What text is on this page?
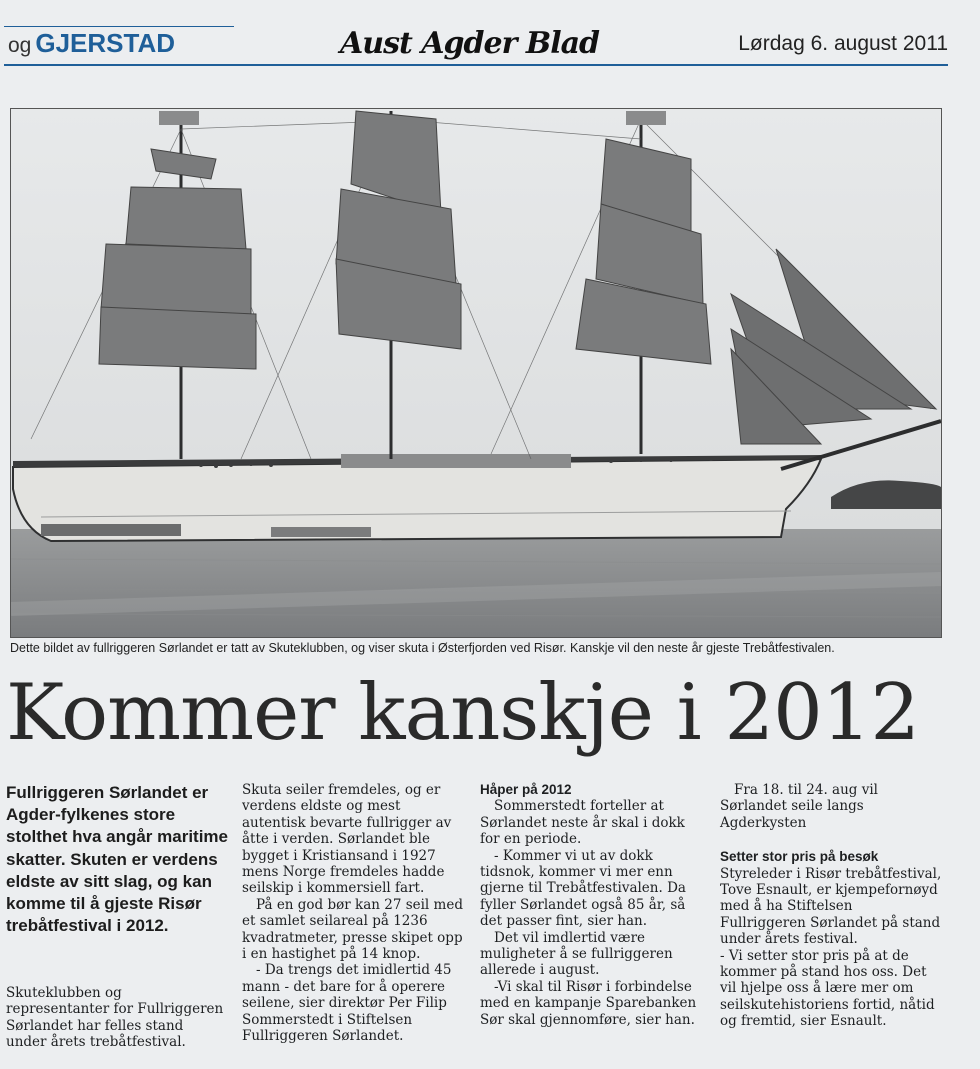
og GJERSTAD	Aust Agder Blad	Lørdag 6. august 2011
Dette bildet av fullriggeren Sørlandet er tatt av Skuteklubben, og viser skuta i Østerfjorden ved Risør. Kanskje vil den neste år gjeste Trebåtfestivalen.
Kommer kanskje i 2012
Fullriggeren Sørlandet er Agder-fylkenes store stolthet hva angår maritime skatter. Skuten er verdens eldste av sitt slag, og kan komme til å gjeste Risør trebåtfestival i 2012.

Skuteklubben og representanter for Fullriggeren Sørlandet har felles stand under årets trebåtfestival.

Skuta seiler fremdeles, og er verdens eldste og mest autentisk bevarte fullrigger av åtte i verden. Sørlandet ble bygget i Kristiansand i 1927 mens Norge fremdeles hadde seilskip i kommersiell fart.

På en god bør kan 27 seil med et samlet seilareal på 1236 kvadratmeter, presse skipet opp i en hastighet på 14 knop.

- Da trengs det imidlertid 45 mann - det bare for å operere seilene, sier direktør Per Filip Sommerstedt i Stiftelsen Fullriggeren Sørlandet.

Håper på 2012

Sommerstedt forteller at Sørlandet neste år skal i dokk for en periode.

- Kommer vi ut av dokk tidsnok, kommer vi mer enn gjerne til Trebåtfestivalen. Da fyller Sørlandet også 85 år, så det passer fint, sier han.

Det vil imdlertid være muligheter å se fullriggeren allerede i august.

-Vi skal til Risør i forbindelse med en kampanje Sparebanken Sør skal gjennomføre, sier han.

Fra 18. til 24. aug vil Sørlandet seile langs Agderkysten

Setter stor pris på besøk

Styreleder i Risør trebåtfestival, Tove Esnault, er kjempefornøyd med å ha Stiftelsen Fullriggeren Sørlandet på stand under årets festival.

- Vi setter stor pris på at de kommer på stand hos oss. Det vil hjelpe oss å lære mer om seilskutehistoriens fortid, nåtid og fremtid, sier Esnault.
